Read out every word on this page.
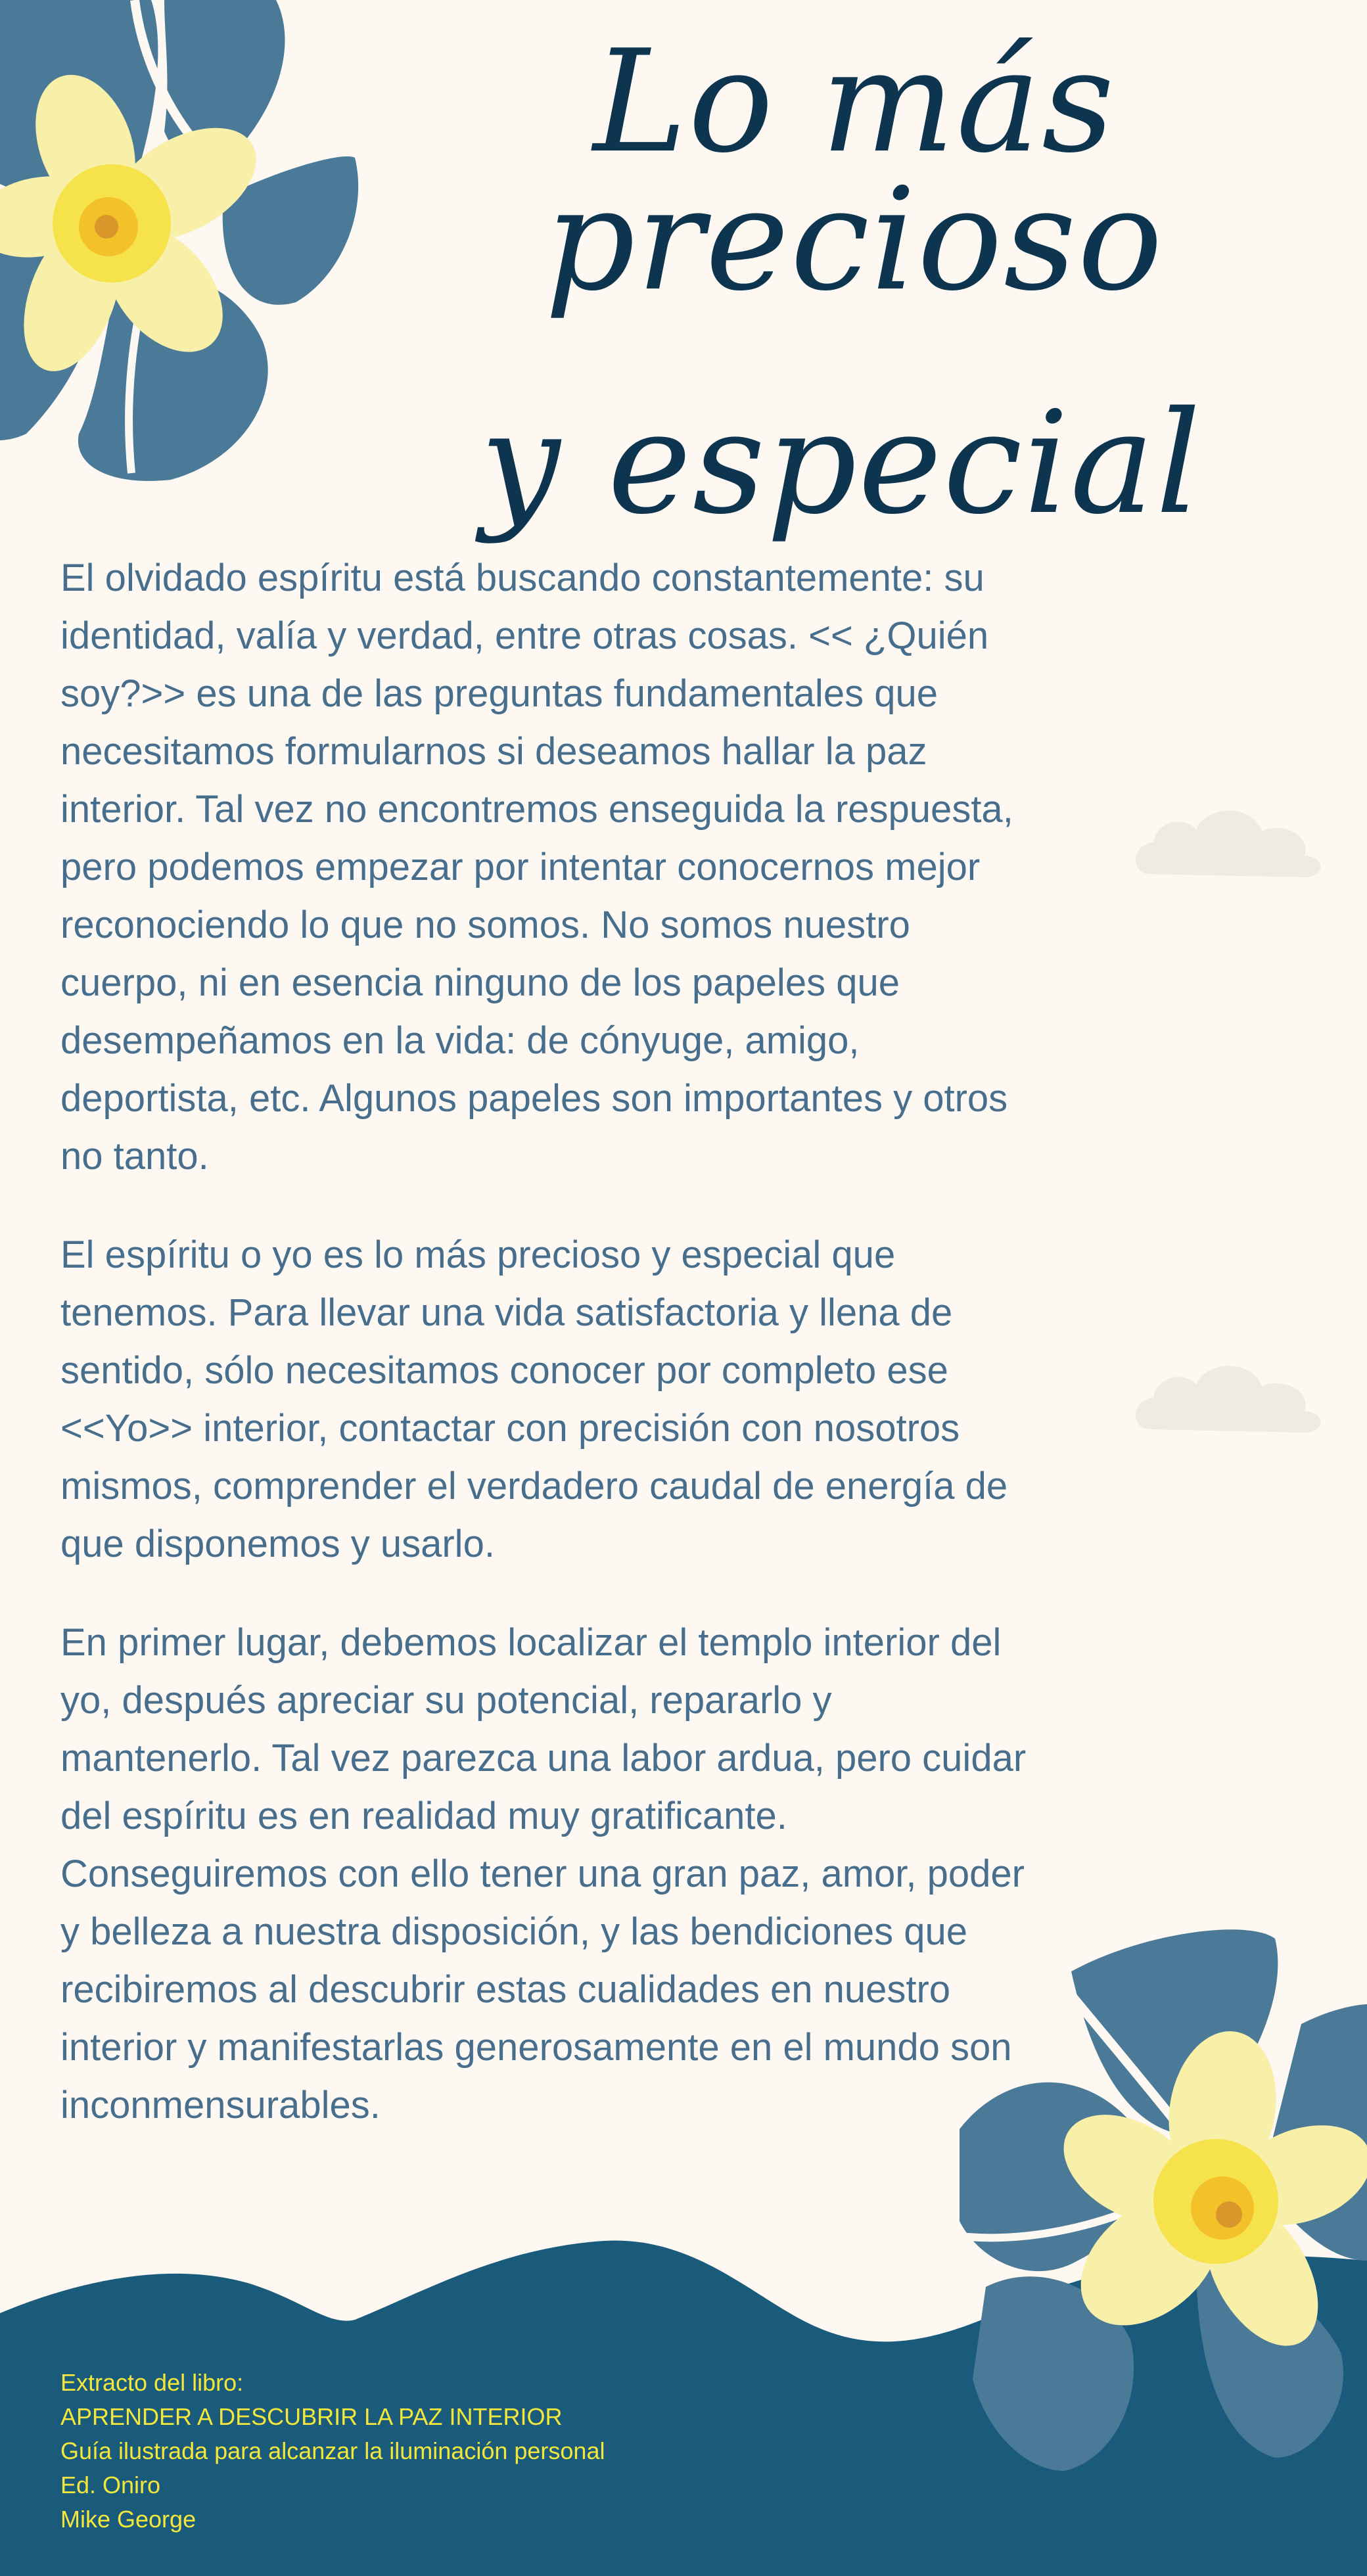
Lo más precioso
y especial

El olvidado espíritu está buscando constantemente: su identidad, valía y verdad, entre otras cosas. << ¿Quién soy?>> es una de las preguntas fundamentales que necesitamos formularnos si deseamos hallar la paz interior. Tal vez no encontremos enseguida la respuesta, pero podemos empezar por intentar conocernos mejor reconociendo lo que no somos. No somos nuestro cuerpo, ni en esencia ninguno de los papeles que desempeñamos en la vida: de cónyuge, amigo, deportista, etc. Algunos papeles son importantes y otros no tanto.

El espíritu o yo es lo más precioso y especial que tenemos. Para llevar una vida satisfactoria y llena de sentido, sólo necesitamos conocer por completo ese <<Yo>> interior, contactar con precisión con nosotros mismos, comprender el verdadero caudal de energía de que disponemos y usarlo.

En primer lugar, debemos localizar el templo interior del yo, después apreciar su potencial, repararlo y mantenerlo. Tal vez parezca una labor ardua, pero cuidar del espíritu es en realidad muy gratificante. Conseguiremos con ello tener una gran paz, amor, poder y belleza a nuestra disposición, y las bendiciones que recibiremos al descubrir estas cualidades en nuestro interior y manifestarlas generosamente en el mundo son inconmensurables.

Extracto del libro:
APRENDER A DESCUBRIR LA PAZ INTERIOR
Guía ilustrada para alcanzar la iluminación personal
Ed. Oniro
Mike George
